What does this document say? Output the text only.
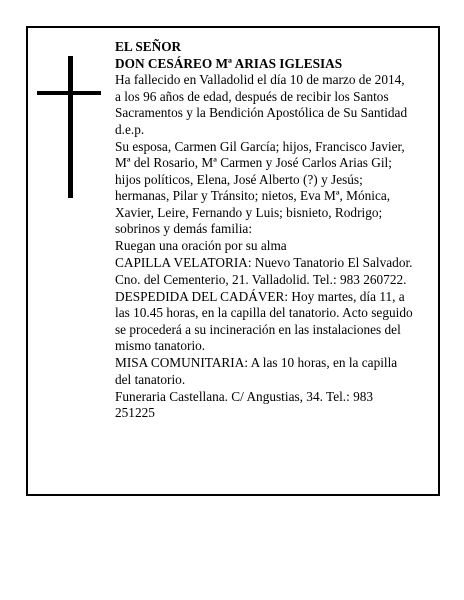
EL SEÑOR

DON CESÁREO Mª ARIAS IGLESIAS

Ha fallecido en Valladolid el día 10 de marzo de 2014, a los 96 años de edad, después de recibir los Santos Sacramentos y la Bendición Apostólica de Su Santidad d.e.p.

Su esposa, Carmen Gil García; hijos, Francisco Javier, Mª del Rosario, Mª Carmen y José Carlos Arias Gil; hijos políticos, Elena, José Alberto (?) y Jesús; hermanas, Pilar y Tránsito; nietos, Eva Mª, Mónica, Xavier, Leire, Fernando y Luis; bisnieto, Rodrigo; sobrinos y demás familia:

Ruegan una oración por su alma

CAPILLA VELATORIA: Nuevo Tanatorio El Salvador. Cno. del Cementerio, 21. Valladolid. Tel.: 983 260722.

DESPEDIDA DEL CADÁVER: Hoy martes, día 11, a las 10.45 horas, en la capilla del tanatorio. Acto seguido se procederá a su incineración en las instalaciones del mismo tanatorio.

MISA COMUNITARIA: A las 10 horas, en la capilla del tanatorio.

Funeraria Castellana. C/ Angustias, 34. Tel.: 983 251225
